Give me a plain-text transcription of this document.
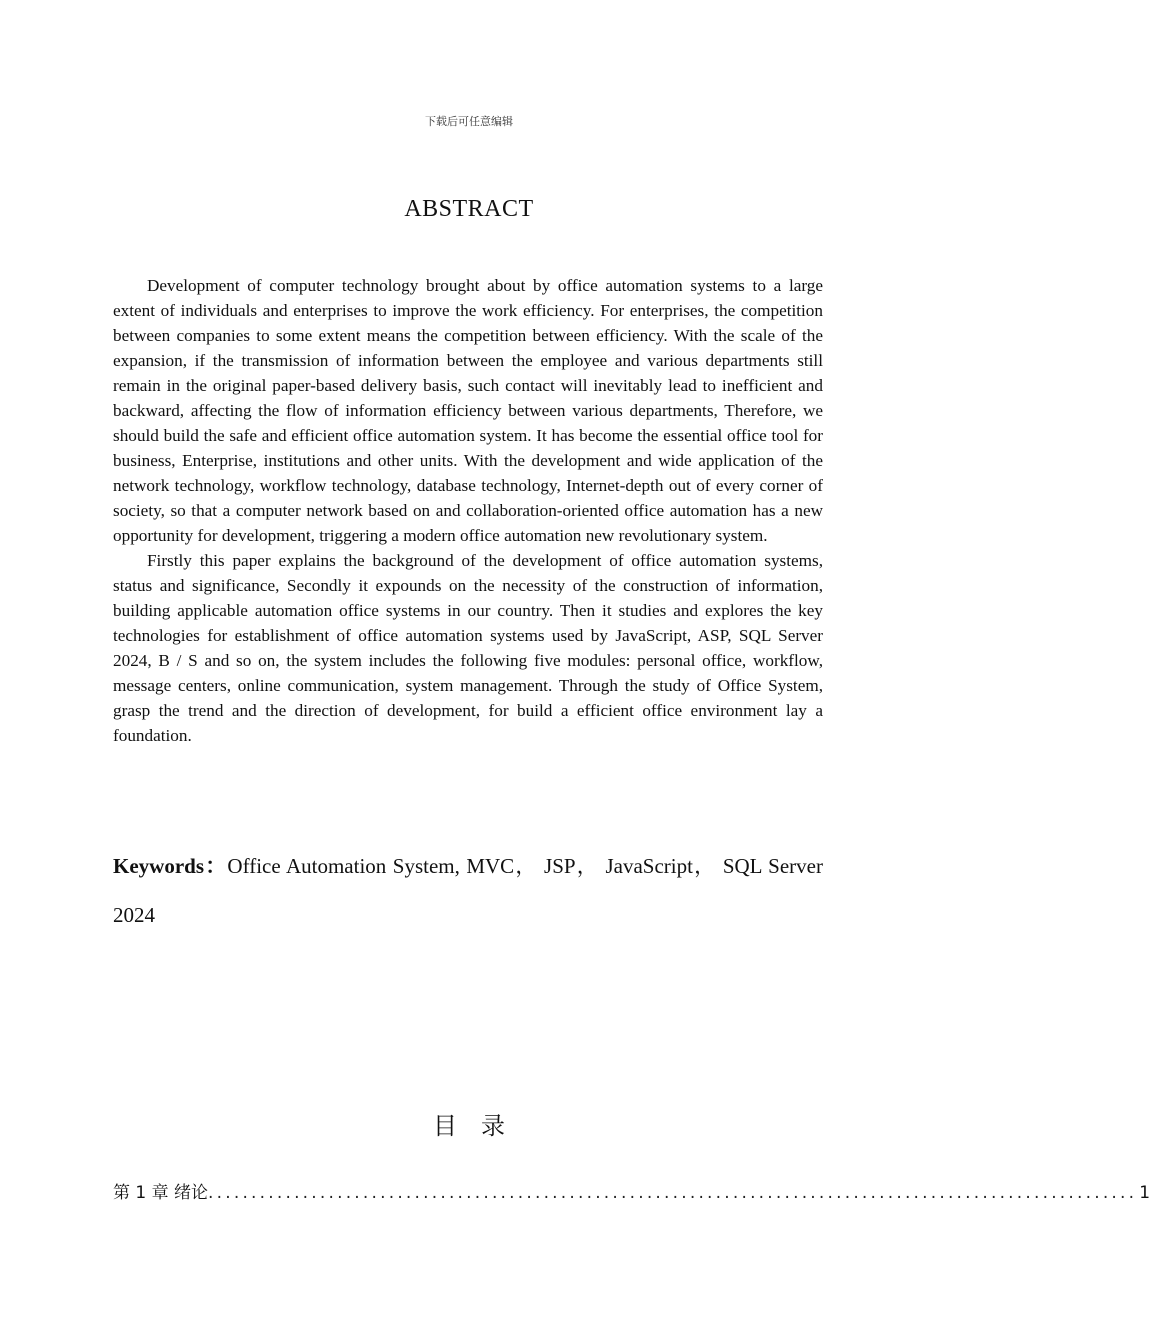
下载后可任意编辑
ABSTRACT

Development of computer technology brought about by office automation systems to a large extent of individuals and enterprises to improve the work efficiency. For enterprises, the competition between companies to some extent means the competition between efficiency. With the scale of the expansion, if the transmission of information between the employee and various departments still remain in the original paper-based delivery basis, such contact will inevitably lead to inefficient and backward, affecting the flow of information efficiency between various departments, Therefore, we should build the safe and efficient office automation system. It has become the essential office tool for business, Enterprise, institutions and other units. With the development and wide application of the network technology, workflow technology, database technology, Internet-depth out of every corner of society, so that a computer network based on and collaboration-oriented office automation has a new opportunity for development, triggering a modern office automation new revolutionary system.

Firstly this paper explains the background of the development of office automation systems, status and significance, Secondly it expounds on the necessity of the construction of information, building applicable automation office systems in our country. Then it studies and explores the key technologies for establishment of office automation systems used by JavaScript, ASP, SQL Server 2024, B / S and so on, the system includes the following five modules: personal office, workflow, message centers, online communication, system management. Through the study of Office System, grasp the trend and the direction of development, for build a efficient office environment lay a foundation.

Keywords：Office Automation System, MVC， JSP， JavaScript， SQL Server 2024
目录
第 1 章 绪论 ............................................................................................................ 1
